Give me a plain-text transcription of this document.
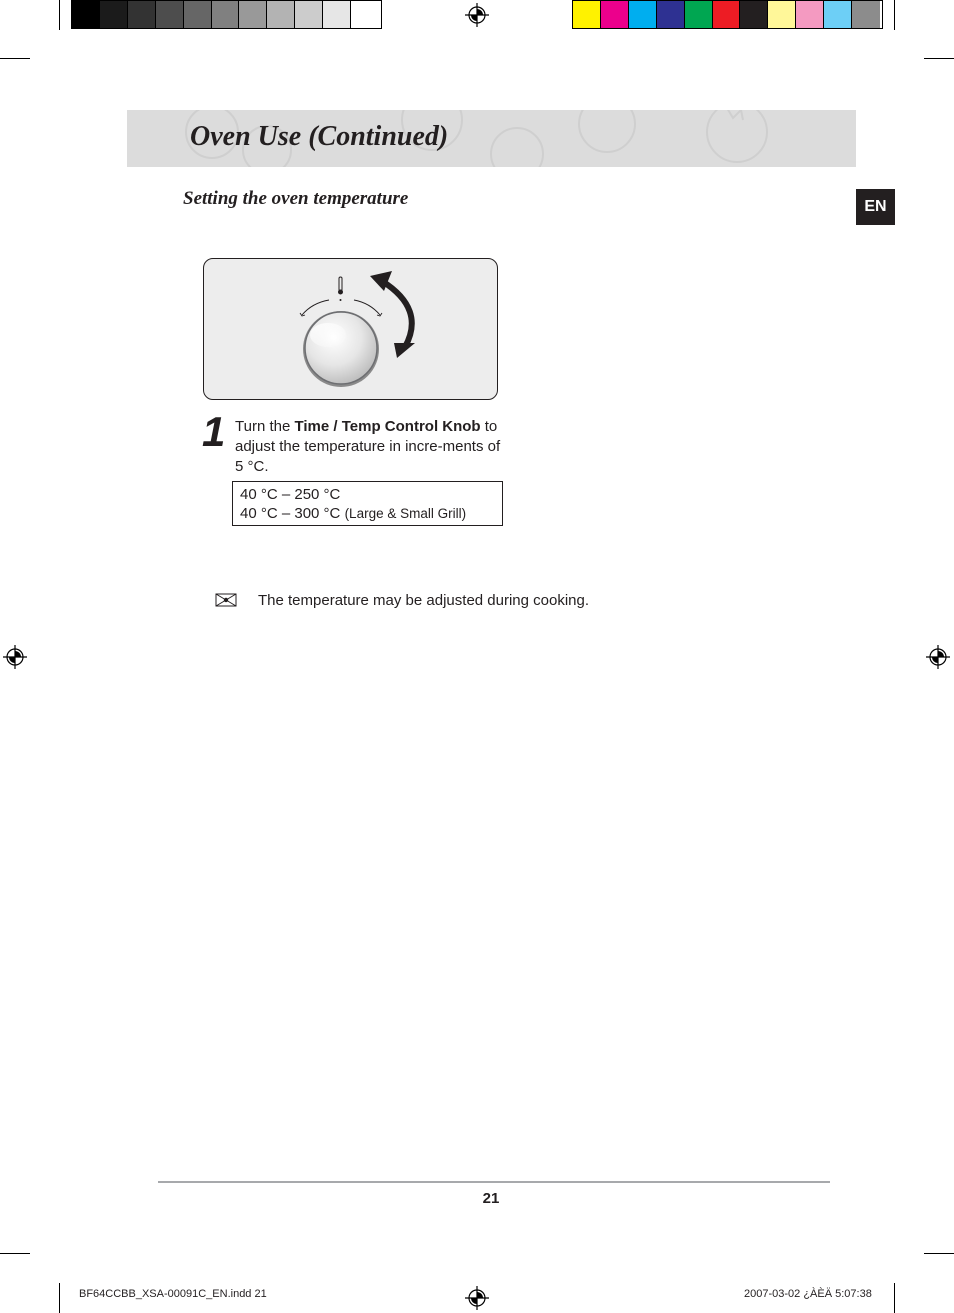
Oven Use (Continued)
EN
Setting the oven temperature
1 Turn the Time / Temp Control Knob to adjust the temperature in incre-ments of 5 °C.
40 °C – 250 °C
40 °C – 300 °C (Large & Small Grill)
The temperature may be adjusted during cooking.
21
BF64CCBB_XSA-00091C_EN.indd 21	2007-03-02 ¿ÀÈÄ 5:07:38
